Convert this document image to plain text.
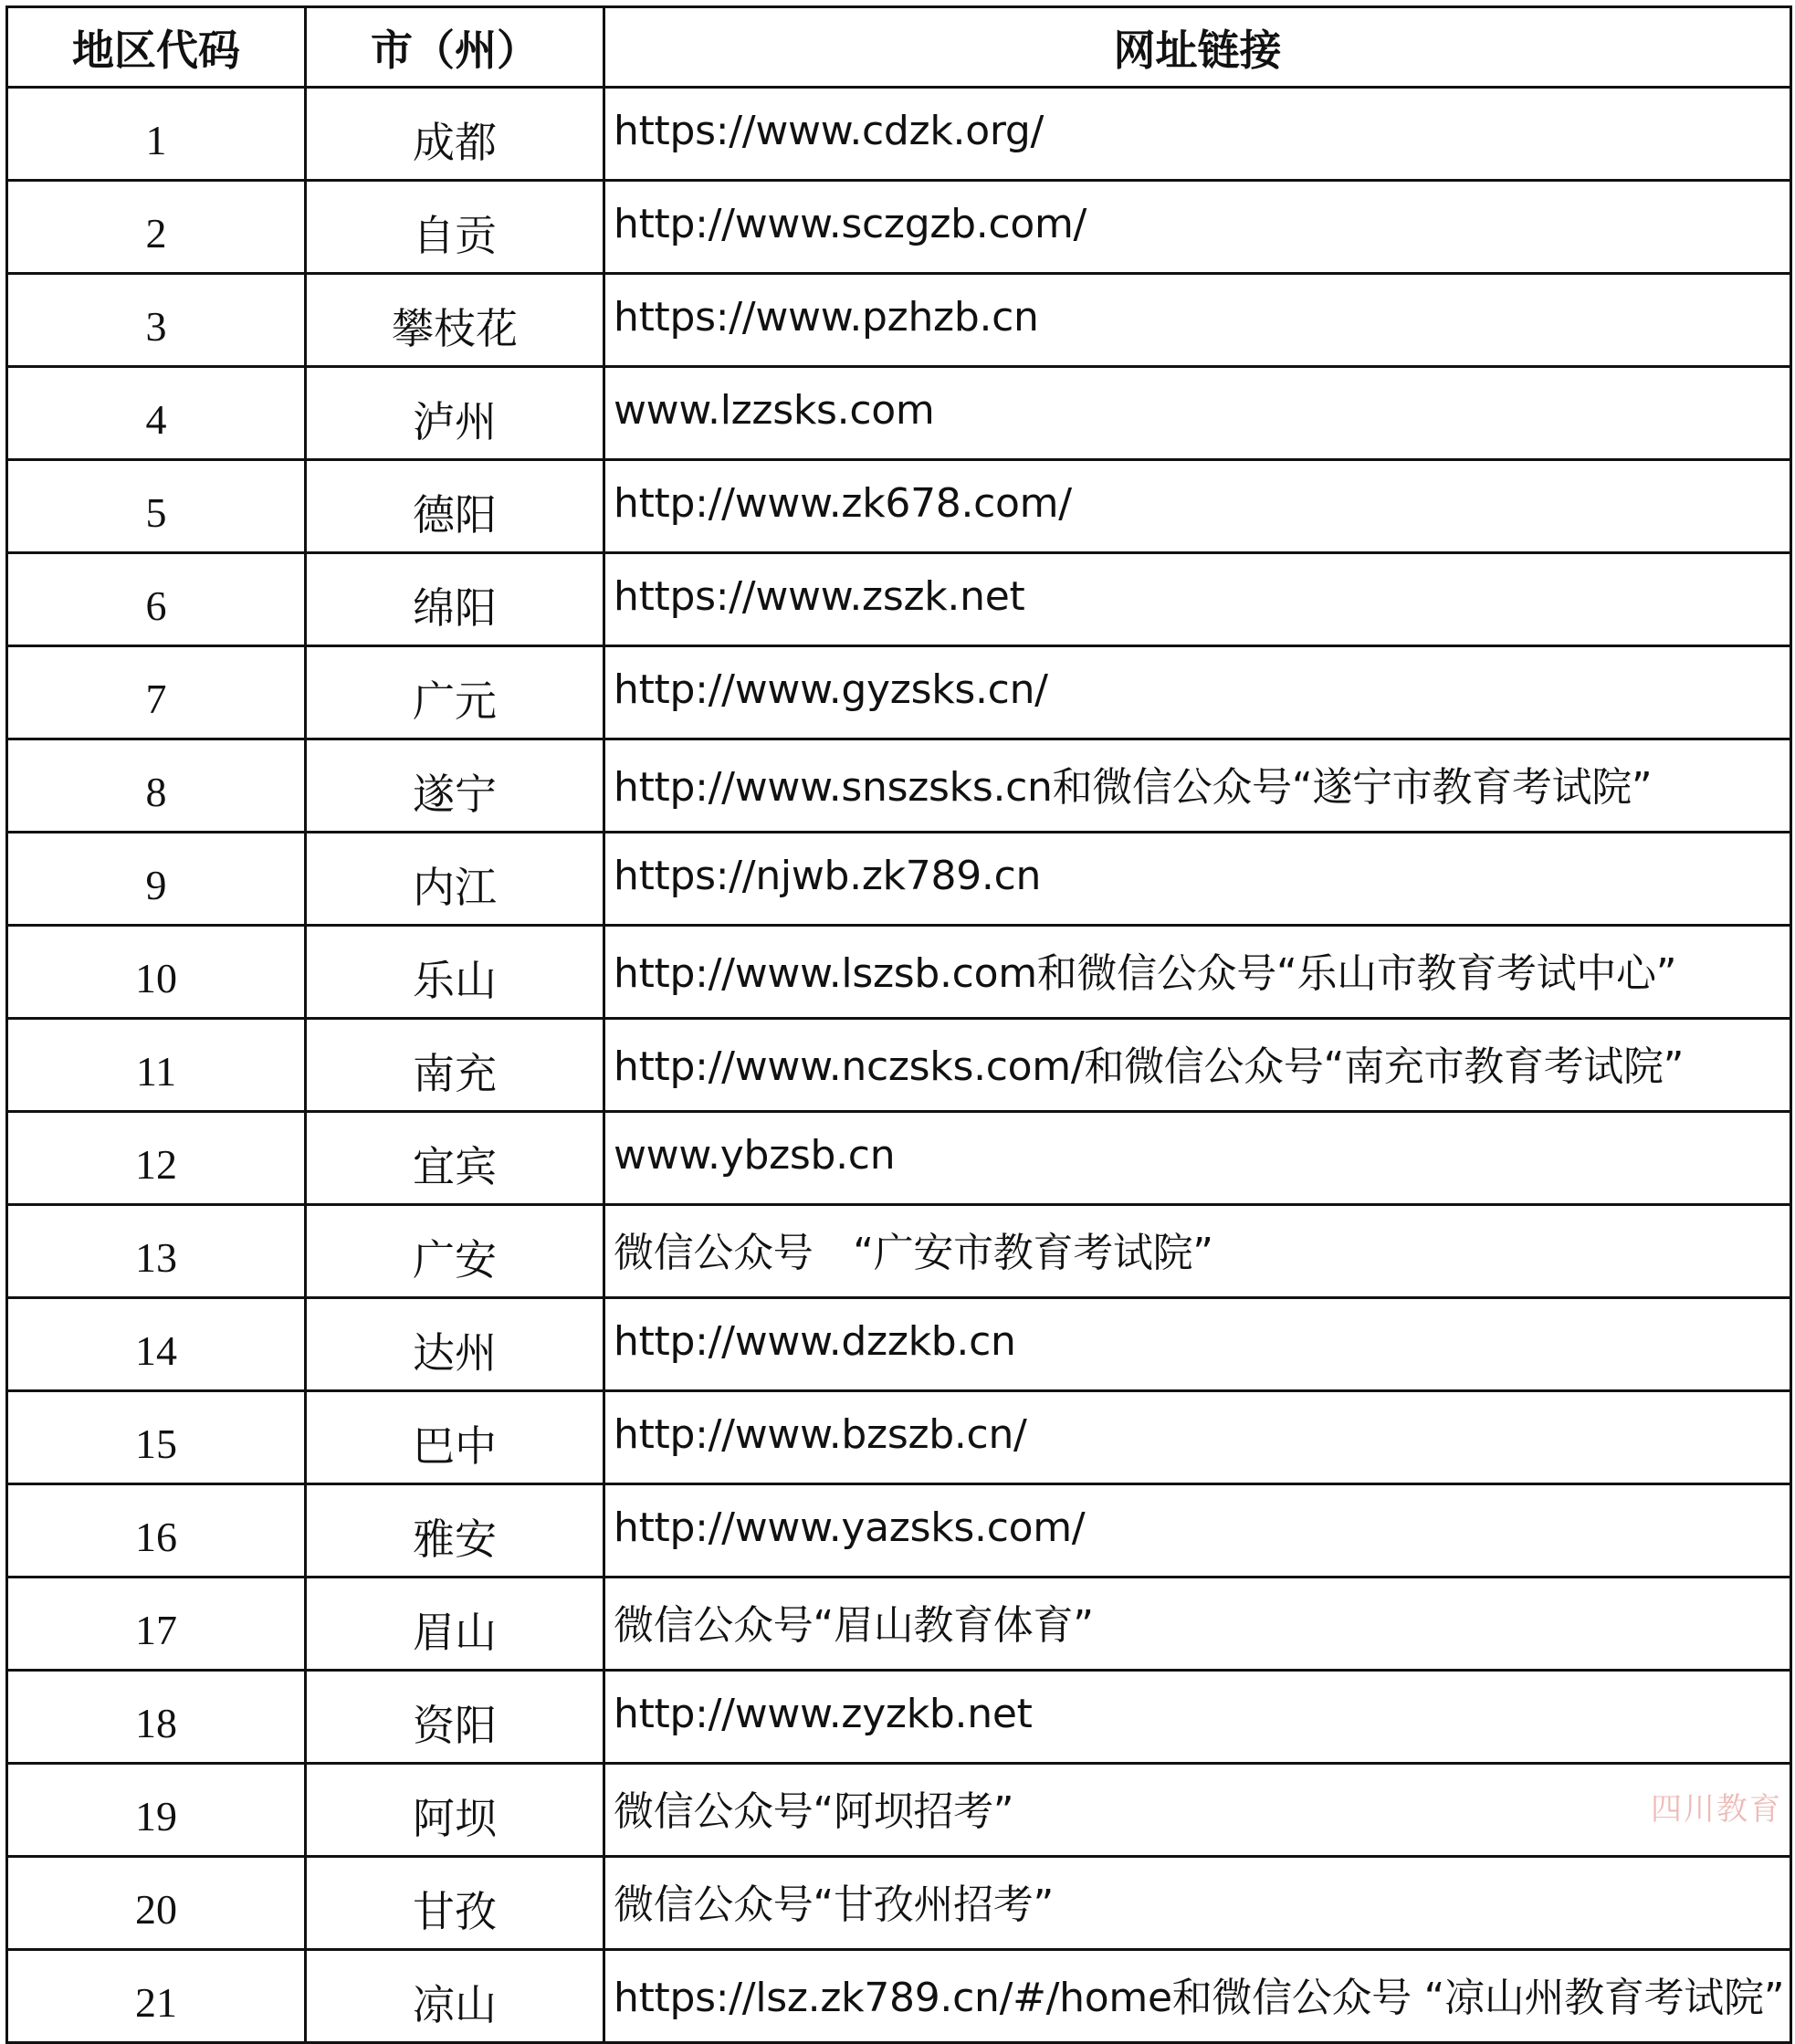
地区代码	市（州）	网址链接
1	成都	https://www.cdzk.org/
2	自贡	http://www.sczgzb.com/
3	攀枝花	https://www.pzhzb.cn
4	泸州	www.lzzsks.com
5	德阳	http://www.zk678.com/
6	绵阳	https://www.zszk.net
7	广元	http://www.gyzsks.cn/
8	遂宁	http://www.snszsks.cn和微信公众号“遂宁市教育考试院”
9	内江	https://njwb.zk789.cn
10	乐山	http://www.lszsb.com和微信公众号“乐山市教育考试中心”
11	南充	http://www.nczsks.com/和微信公众号“南充市教育考试院”
12	宜宾	www.ybzsb.cn
13	广安	微信公众号　“广安市教育考试院”
14	达州	http://www.dzzkb.cn
15	巴中	http://www.bzszb.cn/
16	雅安	http://www.yazsks.com/
17	眉山	微信公众号“眉山教育体育”
18	资阳	http://www.zyzkb.net
19	阿坝	微信公众号“阿坝招考”
20	甘孜	微信公众号“甘孜州招考”
21	凉山	https://lsz.zk789.cn/#/home和微信公众号 “凉山州教育考试院”
四川教育
